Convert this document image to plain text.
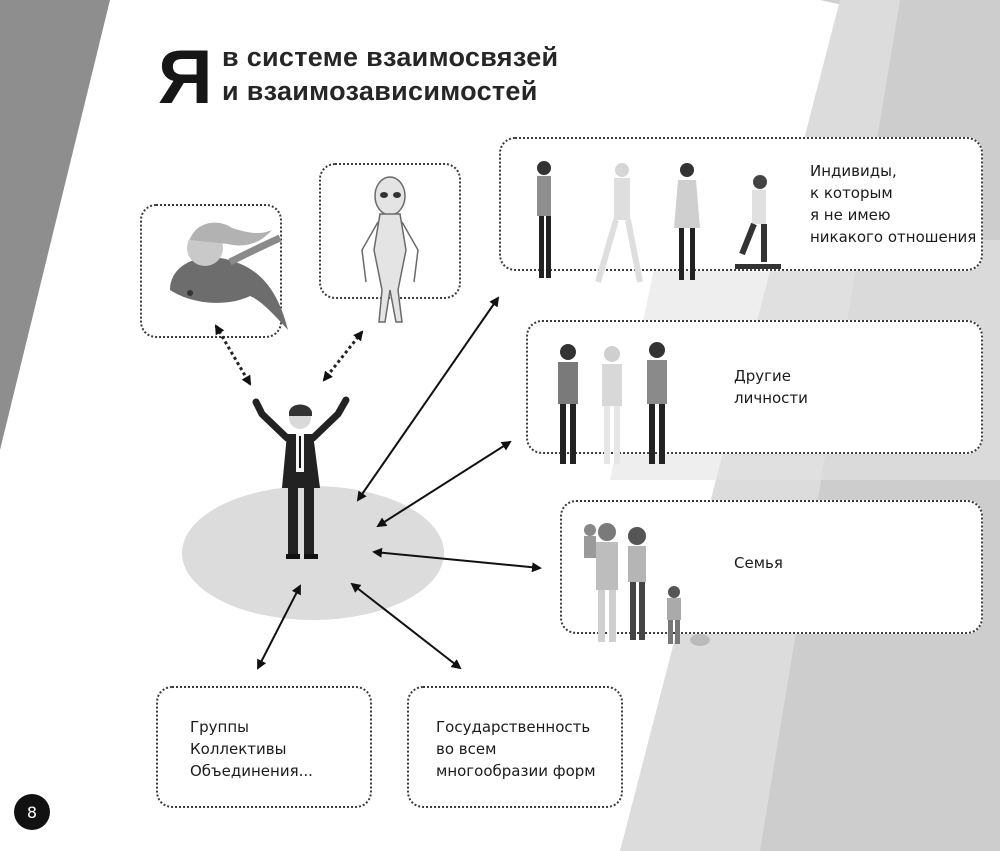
Я в системе взаимосвязей
и взаимозависимостей
Индивиды,
к которым
я не имею
никакого отношения
Другие
личности
Семья
Группы
Коллективы
Объединения...
Государственность
во всем
многообразии форм
8
